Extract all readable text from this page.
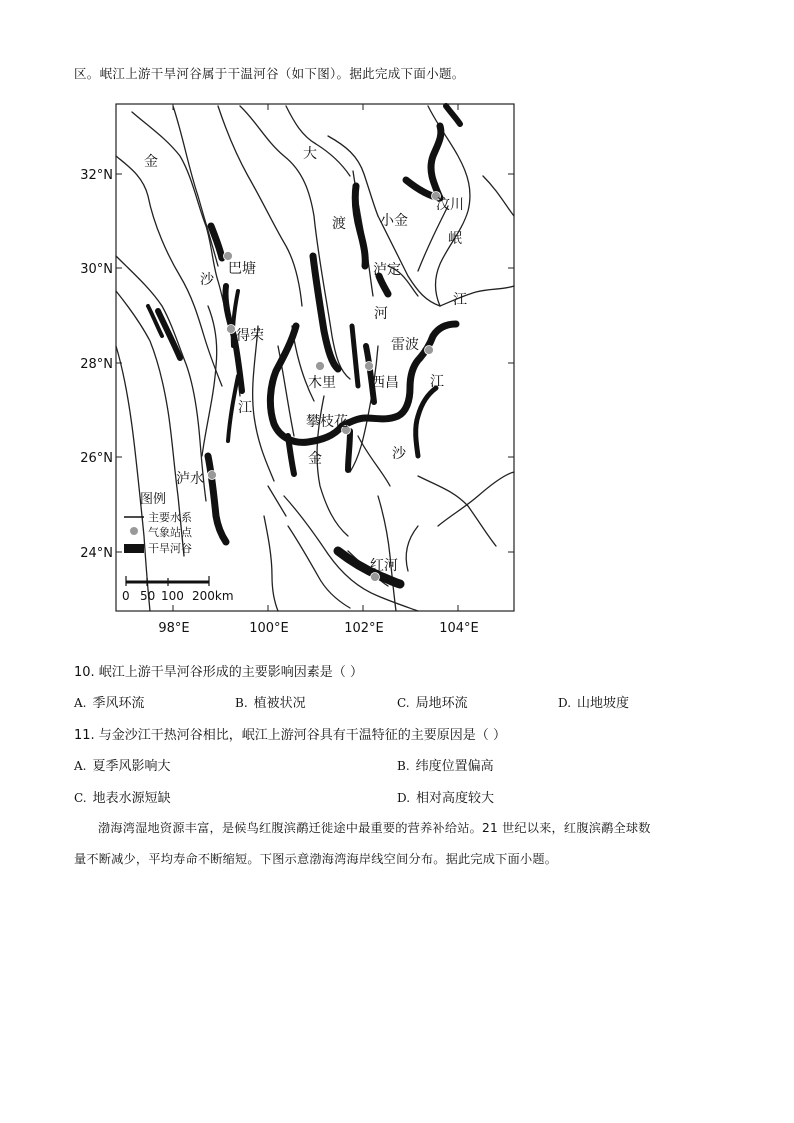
区。岷江上游干旱河谷属于干温河谷（如下图）。据此完成下面小题。
32°N
30°N
28°N
26°N
24°N
98°E	100°E	102°E	104°E
金	大
渡 小金
汶川
岷
巴塘
沙
泸定
江
河
得荣
雷波
木里	西昌 江
江
攀枝花
金	沙
泸水
红河
图例
主要水系
气象站点
干旱河谷
0 50 100 200km
10. 岷江上游干旱河谷形成的主要影响因素是（ ）
A. 季风环流	B. 植被状况	C. 局地环流	D. 山地坡度
11. 与金沙江干热河谷相比，岷江上游河谷具有干温特征的主要原因是（ ）
A. 夏季风影响大	B. 纬度位置偏高
C. 地表水源短缺	D. 相对高度较大
渤海湾湿地资源丰富，是候鸟红腹滨鹬迁徙途中最重要的营养补给站。21 世纪以来，红腹滨鹬全球数
量不断减少，平均寿命不断缩短。下图示意渤海湾海岸线空间分布。据此完成下面小题。
